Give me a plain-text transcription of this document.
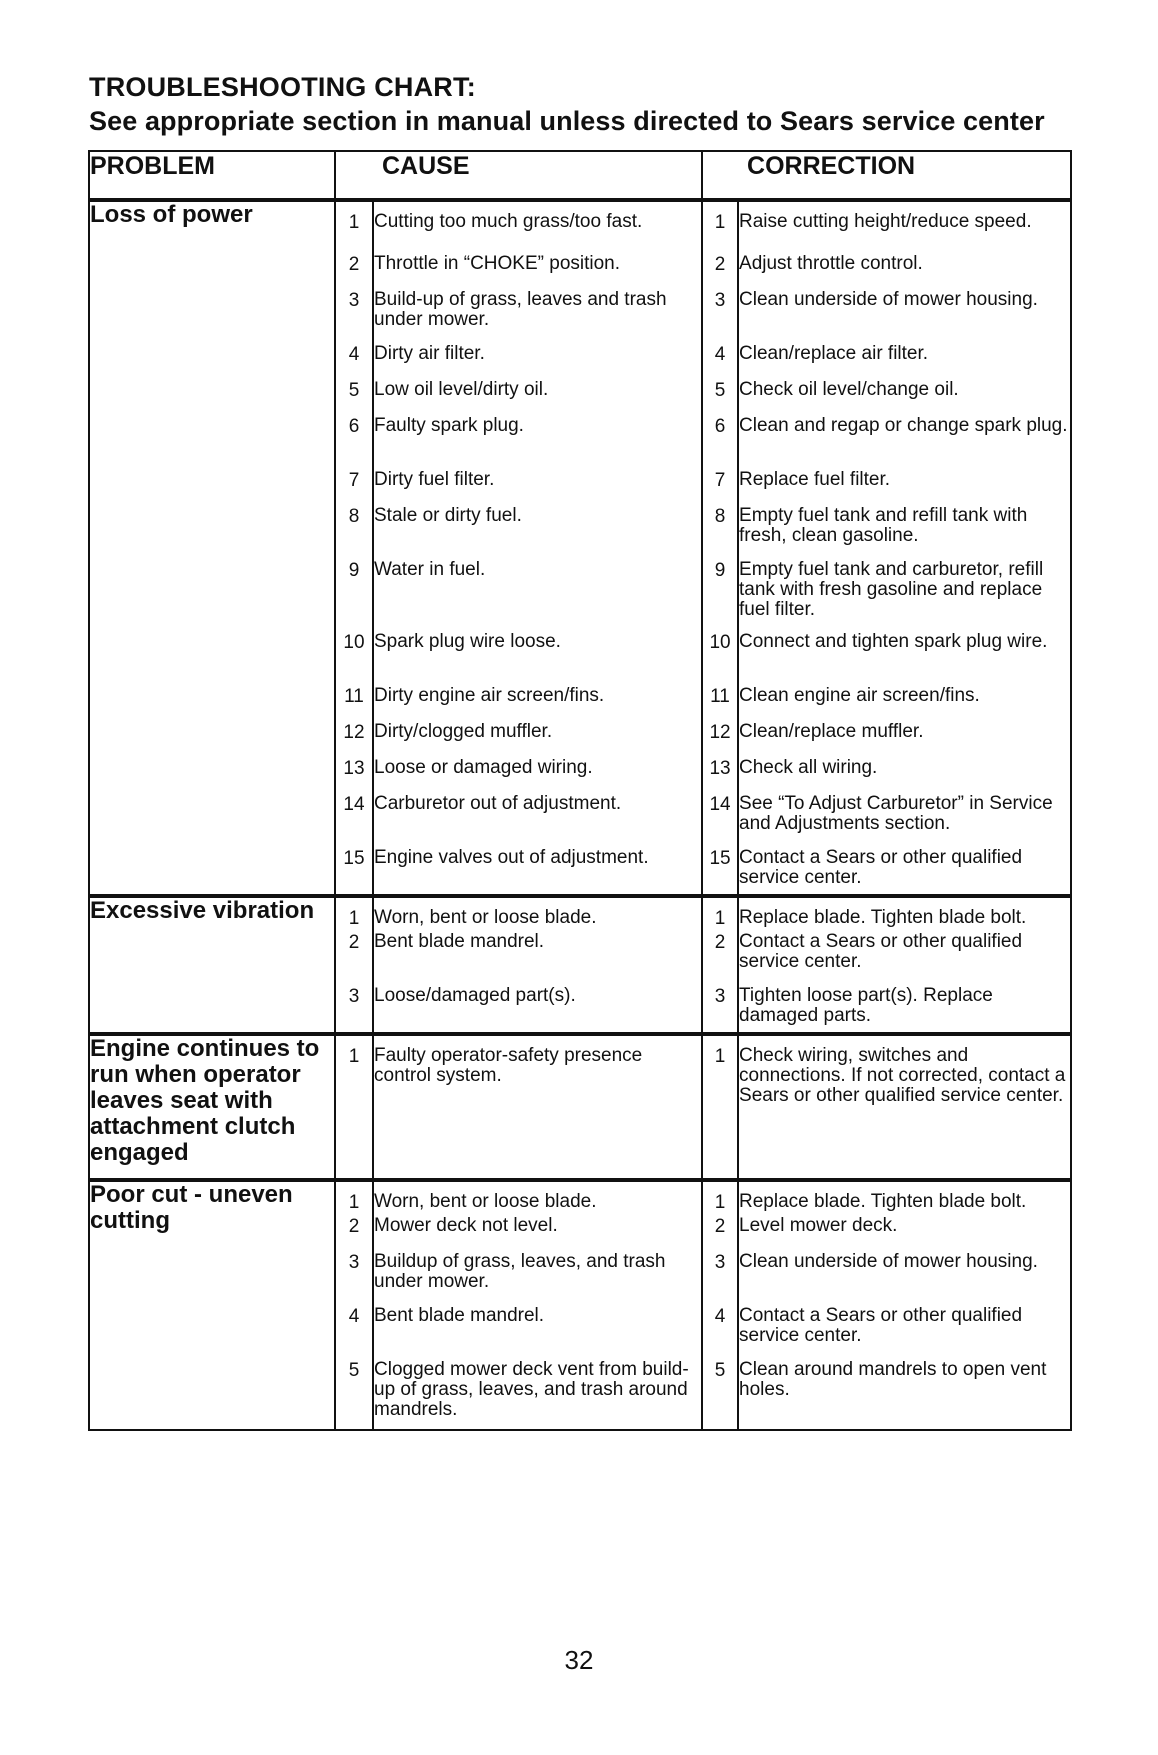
TROUBLESHOOTING CHART:
See appropriate section in manual unless directed to Sears service center
PROBLEM	CAUSE		CORRECTION	
Loss of power	1	Cutting too much grass/too fast.	1	Raise cutting height/reduce speed.
	2	Throttle in “CHOKE” position.	2	Adjust throttle control.
	3	Build-up of grass, leaves and trash under mower.	3	Clean underside of mower housing.
	4	Dirty air filter.	4	Clean/replace air filter.
	5	Low oil level/dirty oil.	5	Check oil level/change oil.
	6	Faulty spark plug.	6	Clean and regap or change spark plug.
	7	Dirty fuel filter.	7	Replace fuel filter.
	8	Stale or dirty fuel.	8	Empty fuel tank and refill tank with fresh, clean gasoline.
	9	Water in fuel.	9	Empty fuel tank and carburetor, refill tank with fresh gasoline and replace fuel filter.
	10	Spark plug wire loose.	10	Connect and tighten spark plug wire.
	11	Dirty engine air screen/fins.	11	Clean engine air screen/fins.
	12	Dirty/clogged muffler.	12	Clean/replace muffler.
	13	Loose or damaged wiring.	13	Check all wiring.
	14	Carburetor out of adjustment.	14	See “To Adjust Carburetor” in Service and Adjustments section.
	15	Engine valves out of adjustment.	15	Contact a Sears or other qualified service center.
Excessive vibration	1	Worn, bent or loose blade.	1	Replace blade. Tighten blade bolt.
	2	Bent blade mandrel.	2	Contact a Sears or other qualified service center.
	3	Loose/damaged part(s).	3	Tighten loose part(s). Replace damaged parts.
Engine continues to run when operator leaves seat with attachment clutch engaged	1	Faulty operator-safety presence control system.	1	Check wiring, switches and connections. If not corrected, contact a Sears or other qualified service center.
Poor cut - uneven cutting	1	Worn, bent or loose blade.	1	Replace blade. Tighten blade bolt.
	2	Mower deck not level.	2	Level mower deck.
	3	Buildup of grass, leaves, and trash under mower.	3	Clean underside of mower housing.
	4	Bent blade mandrel.	4	Contact a Sears or other qualified service center.
	5	Clogged mower deck vent from build-up of grass, leaves, and trash around mandrels.	5	Clean around mandrels to open vent holes.
32
